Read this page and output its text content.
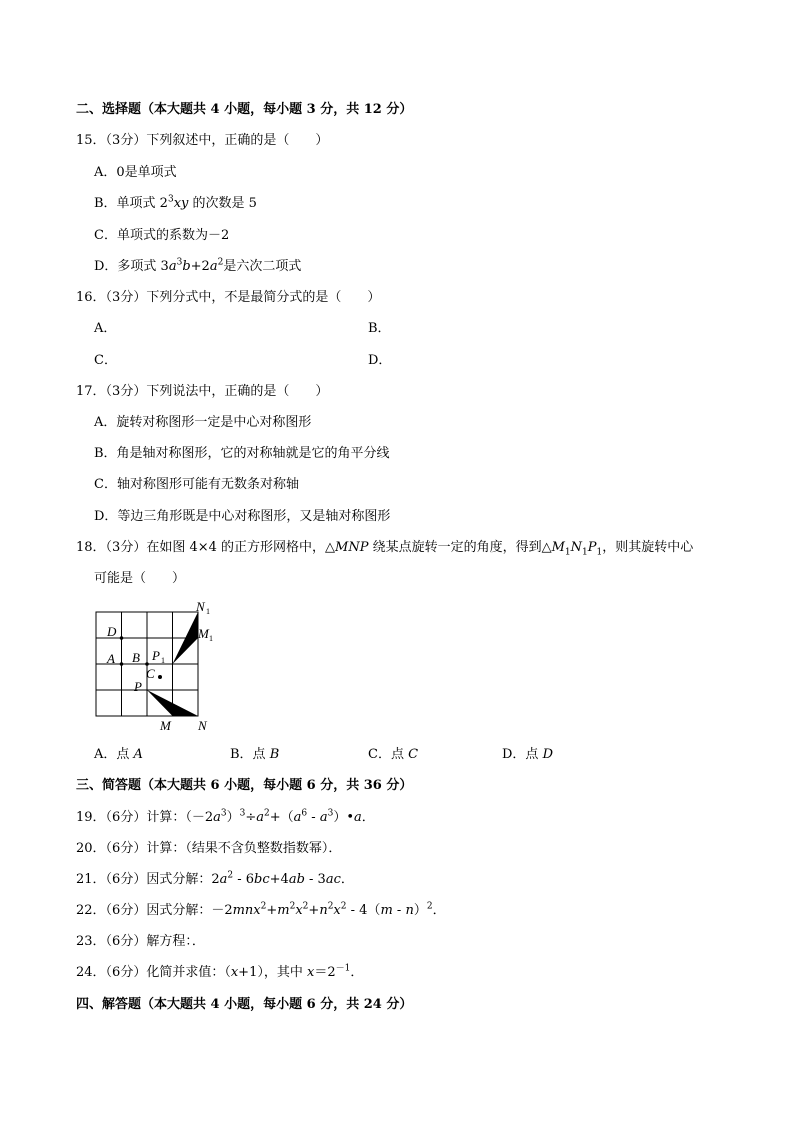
二、选择题（本大题共 4 小题，每小题 3 分，共 12 分）
15．（3分）下列叙述中，正确的是（　　）
A．0是单项式
B．单项式 $2^3xy$ 的次数是 5
C．单项式的系数为－2
D．多项式 $3a^3b+2a^2$是六次二项式
16．（3分）下列分式中，不是最简分式的是（　　）
A．	B．
C．	D．
17．（3分）下列说法中，正确的是（　　）
A．旋转对称图形一定是中心对称图形
B．角是轴对称图形，它的对称轴就是它的角平分线
C．轴对称图形可能有无数条对称轴
D．等边三角形既是中心对称图形，又是轴对称图形
18．（3分）在如图 4×4 的正方形网格中，△MNP 绕某点旋转一定的角度，得到$\triangle M_1N_1P_1$，则其旋转中心
可能是（　　）
D
A B P 1
C
P
M N
N 1
M 1
A．点 A	B．点 B	C．点 C	D．点 D
三、简答题（本大题共 6 小题，每小题 6 分，共 36 分）
19．（6分）计算：$(-2a^3)^3\div a^2+(a^6$ - $a^3)•a$．
20．（6分）计算：（结果不含负整数指数幂）．
21．（6分）因式分解：$2a^2 - 6bc+4ab - 3ac$．
22．（6分）因式分解：$-2mnx^2+m^2x^2+n^2x^2 - 4(m - n)^2$．
23．（6分）解方程：．
24．（6分）化简并求值：（x+1），其中 $x=2^{-1}$．
四、解答题（本大题共 4 小题，每小题 6 分，共 24 分）
